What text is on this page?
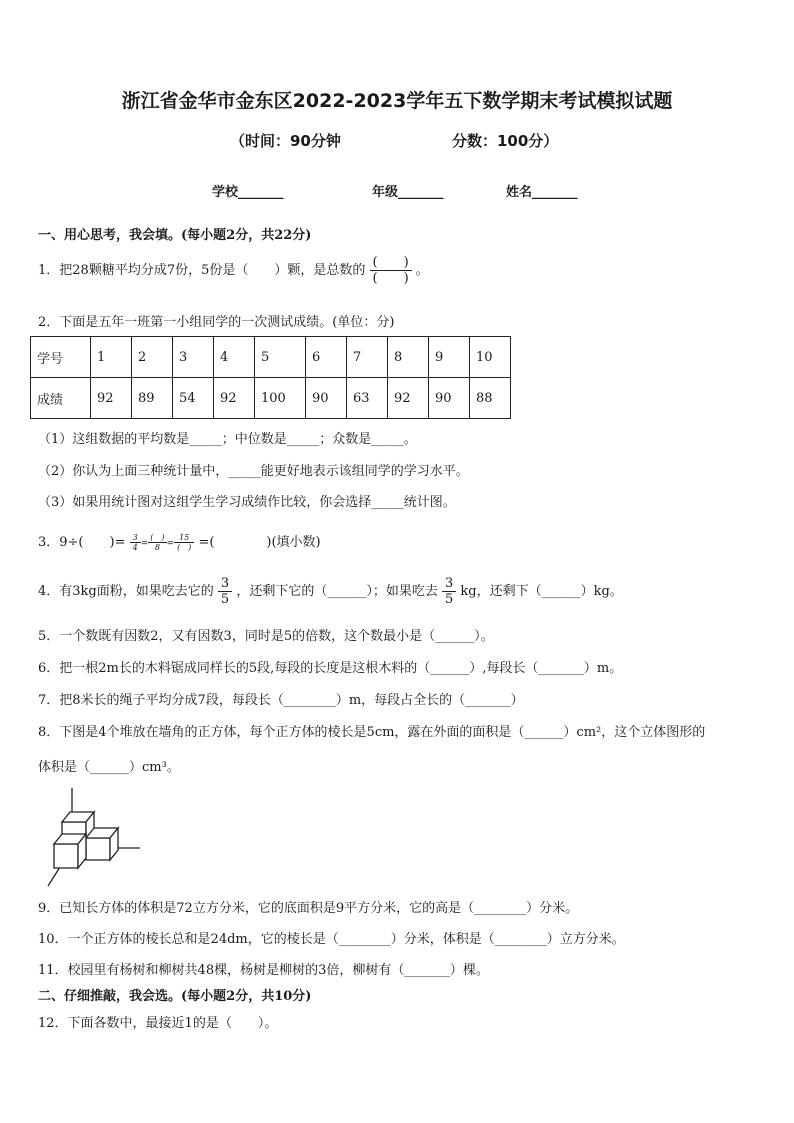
浙江省金华市金东区2022-2023学年五下数学期末考试模拟试题
（时间：90分钟	分数：100分）
学校_______	年级_______	姓名_______
一、用心思考，我会填。(每小题2分，共22分)
1．把28颗糖平均分成7份，5份是（　　）颗，是总数的 $\frac{( )}{( )}$ 。
2．下面是五年一班第一小组同学的一次测试成绩。(单位：分)
学号	1	2	3	4	5	6	7	8	9	10
成绩	92	89	54	92	100	90	63	92	90	88
（1）这组数据的平均数是_____；中位数是_____；众数是_____。
（2）你认为上面三种统计量中，_____能更好地表示该组同学的学习水平。
（3）如果用统计图对这组学生学习成绩作比较，你会选择_____统计图。
3．9÷(　　)= $\frac{3}{4} = \frac{( )}{8} = \frac{15}{( )}$ =(　　　　)(填小数)
4．有3kg面粉，如果吃去它的 $\frac{3}{5}$ ，还剩下它的（______）；如果吃去 $\frac{3}{5}$ kg，还剩下（______）kg。
5．一个数既有因数2，又有因数3，同时是5的倍数，这个数最小是（______）。
6．把一根2m长的木料锯成同样长的5段,每段的长度是这根木料的（______）,每段长（_______）m。
7．把8米长的绳子平均分成7段，每段长（________）m，每段占全长的（_______）
8．下图是4个堆放在墙角的正方体，每个正方体的棱长是5cm，露在外面的面积是（______）cm²，这个立体图形的
体积是（______）cm³。
9．已知长方体的体积是72立方分米，它的底面积是9平方分米，它的高是（________）分米。
10．一个正方体的棱长总和是24dm，它的棱长是（________）分米，体积是（________）立方分米。
11．校园里有杨树和柳树共48棵，杨树是柳树的3倍，柳树有（_______）棵。
二、仔细推敲，我会选。(每小题2分，共10分)
12．下面各数中，最接近1的是（　　）。
